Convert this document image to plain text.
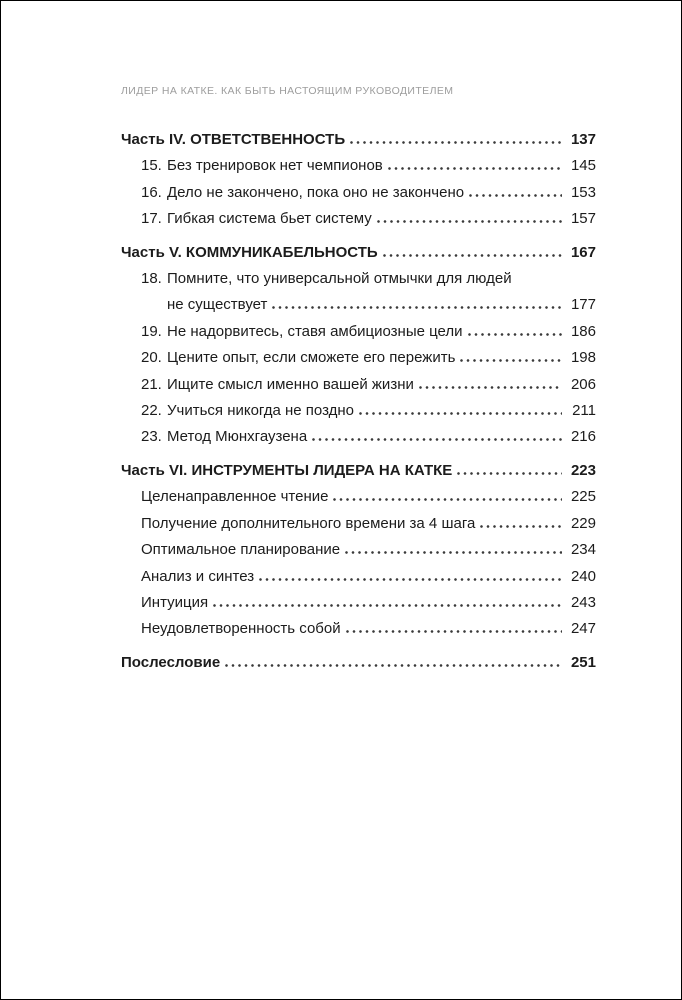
ЛИДЕР НА КАТКЕ. КАК БЫТЬ НАСТОЯЩИМ РУКОВОДИТЕЛЕМ
Часть IV. ОТВЕТСТВЕННОСТЬ	137
15. Без тренировок нет чемпионов	145
16. Дело не закончено, пока оно не закончено	153
17. Гибкая система бьет систему	157
Часть V. КОММУНИКАБЕЛЬНОСТЬ	167
18. Помните, что универсальной отмычки для людей
не существует	177
19. Не надорвитесь, ставя амбициозные цели	186
20. Цените опыт, если сможете его пережить	198
21. Ищите смысл именно вашей жизни	206
22. Учиться никогда не поздно	211
23. Метод Мюнхгаузена	216
Часть VI. ИНСТРУМЕНТЫ ЛИДЕРА НА КАТКЕ	223
Целенаправленное чтение	225
Получение дополнительного времени за 4 шага	229
Оптимальное планирование	234
Анализ и синтез	240
Интуиция	243
Неудовлетворенность собой	247
Послесловие	251
